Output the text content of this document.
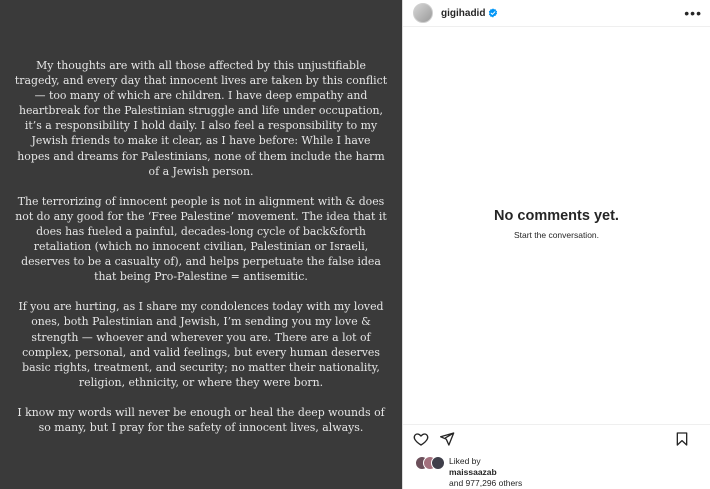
My thoughts are with all those affected by this unjustifiable tragedy, and every day that innocent lives are taken by this conflict — too many of which are children. I have deep empathy and heartbreak for the Palestinian struggle and life under occupation, it’s a responsibility I hold daily. I also feel a responsibility to my Jewish friends to make it clear, as I have before: While I have hopes and dreams for Palestinians, none of them include the harm of a Jewish person.

The terrorizing of innocent people is not in alignment with & does not do any good for the ‘Free Palestine’ movement. The idea that it does has fueled a painful, decades-long cycle of back&forth retaliation (which no innocent civilian, Palestinian or Israeli, deserves to be a casualty of), and helps perpetuate the false idea that being Pro-Palestine = antisemitic.

If you are hurting, as I share my condolences today with my loved ones, both Palestinian and Jewish, I’m sending you my love & strength — whoever and wherever you are. There are a lot of complex, personal, and valid feelings, but every human deserves basic rights, treatment, and security; no matter their nationality, religion, ethnicity, or where they were born.

I know my words will never be enough or heal the deep wounds of so many, but I pray for the safety of innocent lives, always.

gigihadid	•••
No comments yet.
Start the conversation.
Liked by
maissaazab
and 977,296 others
